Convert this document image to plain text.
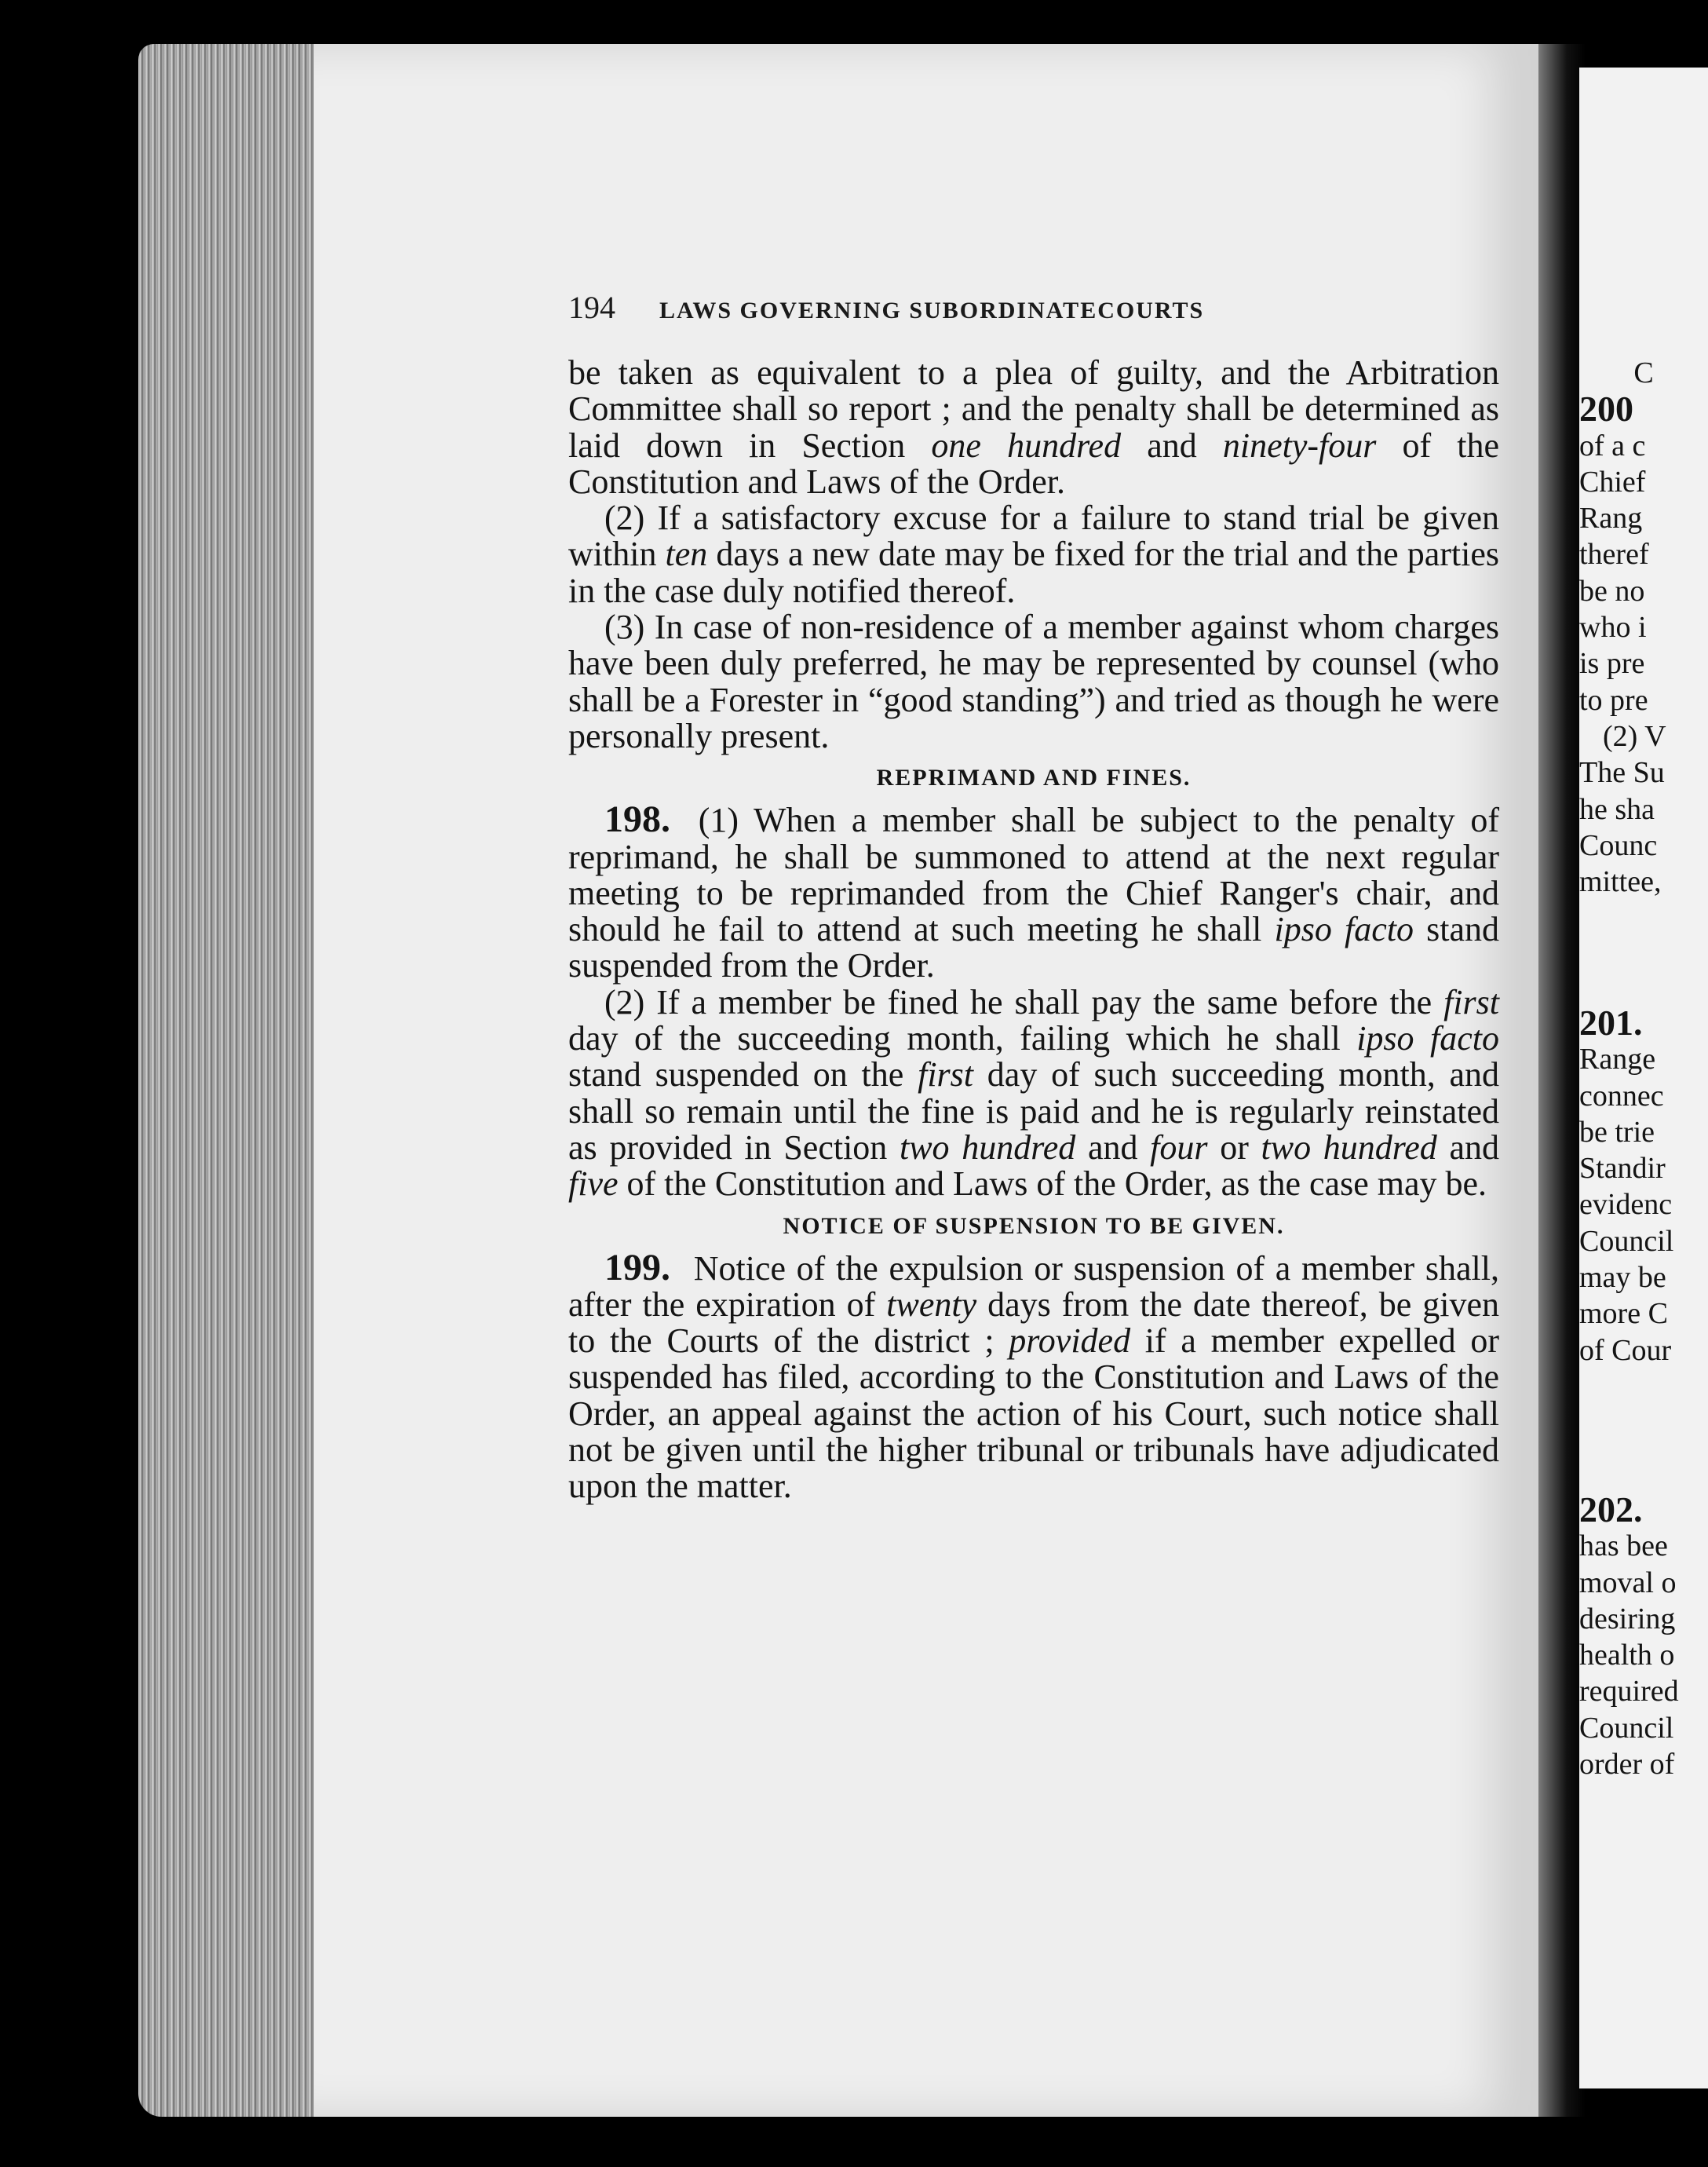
194 LAWS GOVERNING SUBORDINATECOURTS

be taken as equivalent to a plea of guilty, and the Arbitration Committee shall so report ; and the penalty shall be determined as laid down in Section one hundred and ninety-four of the Constitution and Laws of the Order.

(2) If a satisfactory excuse for a failure to stand trial be given within ten days a new date may be fixed for the trial and the parties in the case duly notified thereof.

(3) In case of non-residence of a member against whom charges have been duly preferred, he may be represented by counsel (who shall be a Forester in “good standing”) and tried as though he were personally present.

REPRIMAND AND FINES.

198. (1) When a member shall be subject to the penalty of reprimand, he shall be summoned to attend at the next regular meeting to be reprimanded from the Chief Ranger's chair, and should he fail to attend at such meeting he shall ipso facto stand suspended from the Order.

(2) If a member be fined he shall pay the same before the first day of the succeeding month, failing which he shall ipso facto stand suspended on the first day of such succeeding month, and shall so remain until the fine is paid and he is regularly reinstated as provided in Section two hundred and four or two hundred and five of the Constitution and Laws of the Order, as the case may be.

NOTICE OF SUSPENSION TO BE GIVEN.

199. Notice of the expulsion or suspension of a member shall, after the expiration of twenty days from the date thereof, be given to the Courts of the district ; provided if a member expelled or suspended has filed, according to the Constitution and Laws of the Order, an appeal against the action of his Court, such notice shall not be given until the higher tribunal or tribunals have adjudicated upon the matter.

C

200

of a c

Chief

Rang

theref

be no

who i

is pre

to pre

(2) V

The Su

he sha

Counc

mittee,

201.

Range

connec

be trie

Standir

evidenc

Council

may be

more C

of Cour

202.

has bee

moval o

desiring

health o

required

Council

order of
